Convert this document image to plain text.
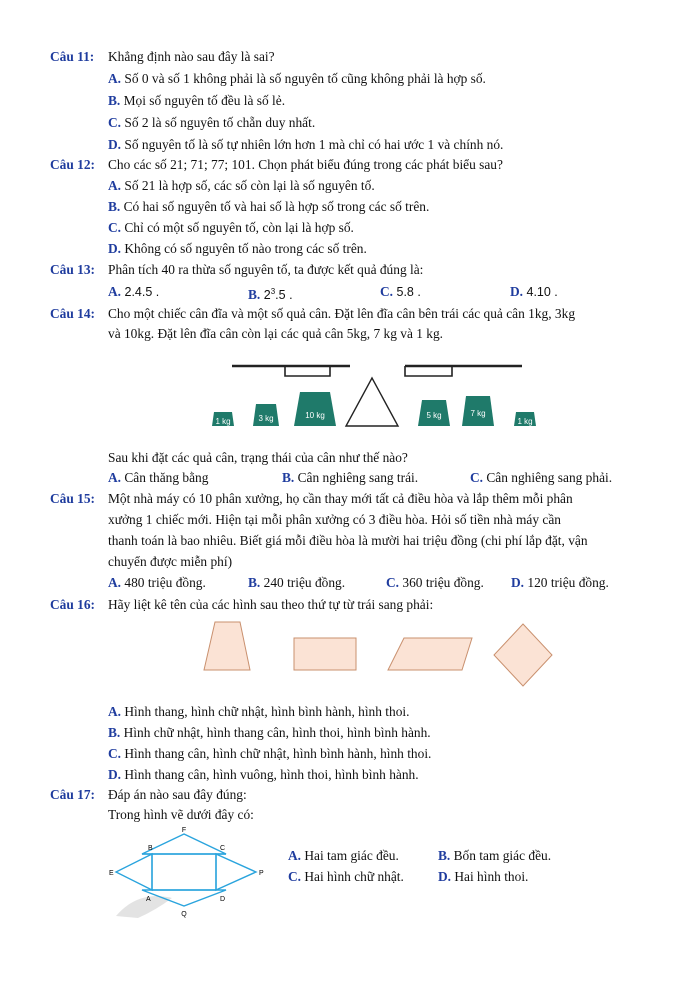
Câu 11: Khẳng định nào sau đây là sai?
A. Số 0 và số 1 không phải là số nguyên tố cũng không phải là hợp số.
B. Mọi số nguyên tố đều là số lẻ.
C. Số 2 là số nguyên tố chẵn duy nhất.
D. Số nguyên tố là số tự nhiên lớn hơn 1 mà chỉ có hai ước 1 và chính nó.
Câu 12: Cho các số 21; 71; 77; 101. Chọn phát biểu đúng trong các phát biểu sau?
A. Số 21 là hợp số, các số còn lại là số nguyên tố.
B. Có hai số nguyên tố và hai số là hợp số trong các số trên.
C. Chỉ có một số nguyên tố, còn lại là hợp số.
D. Không có số nguyên tố nào trong các số trên.
Câu 13: Phân tích 40 ra thừa số nguyên tố, ta được kết quả đúng là:
A. 2.4.5 .	B. $2^3.5$ .	C. 5.8 .	D. 4.10 .
Câu 14: Cho một chiếc cân đĩa và một số quả cân. Đặt lên đĩa cân bên trái các quả cân 1kg, 3kg
và 10kg. Đặt lên đĩa cân còn lại các quả cân 5kg, 7 kg và 1 kg.
1 kg	3 kg	10 kg	5 kg	7 kg
1 kg
Sau khi đặt các quả cân, trạng thái của cân như thế nào?
A. Cân thăng bằng	B. Cân nghiêng sang trái.	C. Cân nghiêng sang phải.
Câu 15: Một nhà máy có 10 phân xưởng, họ cần thay mới tất cả điều hòa và lắp thêm mỗi phân
xưởng 1 chiếc mới. Hiện tại mỗi phân xưởng có 3 điều hòa. Hỏi số tiền nhà máy cần
thanh toán là bao nhiêu. Biết giá mỗi điều hòa là mười hai triệu đồng (chi phí lắp đặt, vận
chuyển được miễn phí)
A. 480 triệu đồng.	B. 240 triệu đồng.	C. 360 triệu đồng. D. 120 triệu đồng.
Câu 16: Hãy liệt kê tên của các hình sau theo thứ tự từ trái sang phải:
A. Hình thang, hình chữ nhật, hình bình hành, hình thoi.
B. Hình chữ nhật, hình thang cân, hình thoi, hình bình hành.
C. Hình thang cân, hình chữ nhật, hình bình hành, hình thoi.
D. Hình thang cân, hình vuông, hình thoi, hình bình hành.
Câu 17: Đáp án nào sau đây đúng:
Trong hình vẽ dưới đây có:
F
B	C
E	P
A	D
Q
A. Hai tam giác đều.	B. Bốn tam giác đều.
C. Hai hình chữ nhật.	D. Hai hình thoi.
